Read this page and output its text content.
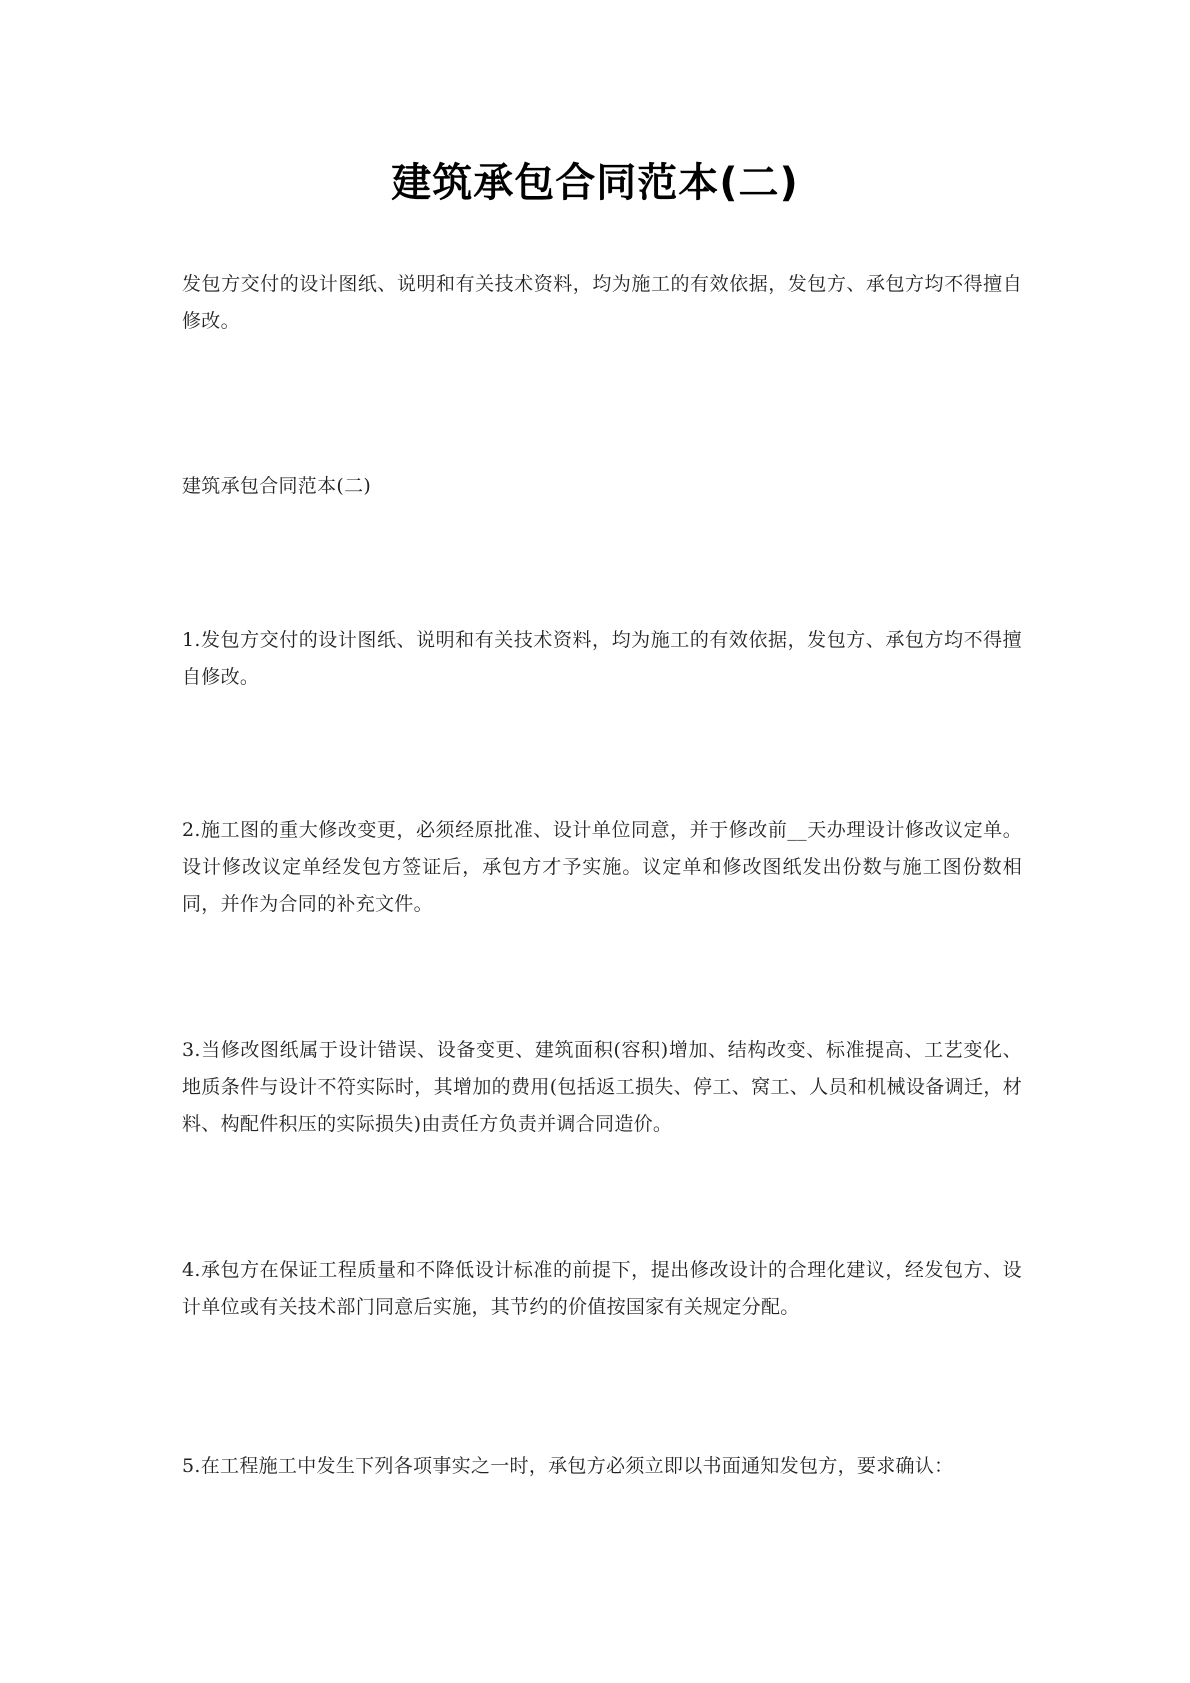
建筑承包合同范本(二)

发包方交付的设计图纸、说明和有关技术资料，均为施工的有效依据，发包方、承包方均不得擅自修改。

建筑承包合同范本(二)

1.发包方交付的设计图纸、说明和有关技术资料，均为施工的有效依据，发包方、承包方均不得擅自修改。

2.施工图的重大修改变更，必须经原批准、设计单位同意，并于修改前__天办理设计修改议定单。设计修改议定单经发包方签证后，承包方才予实施。议定单和修改图纸发出份数与施工图份数相同，并作为合同的补充文件。

3.当修改图纸属于设计错误、设备变更、建筑面积(容积)增加、结构改变、标准提高、工艺变化、地质条件与设计不符实际时，其增加的费用(包括返工损失、停工、窝工、人员和机械设备调迁，材料、构配件积压的实际损失)由责任方负责并调合同造价。

4.承包方在保证工程质量和不降低设计标准的前提下，提出修改设计的合理化建议，经发包方、设计单位或有关技术部门同意后实施，其节约的价值按国家有关规定分配。

5.在工程施工中发生下列各项事实之一时，承包方必须立即以书面通知发包方，要求确认：
